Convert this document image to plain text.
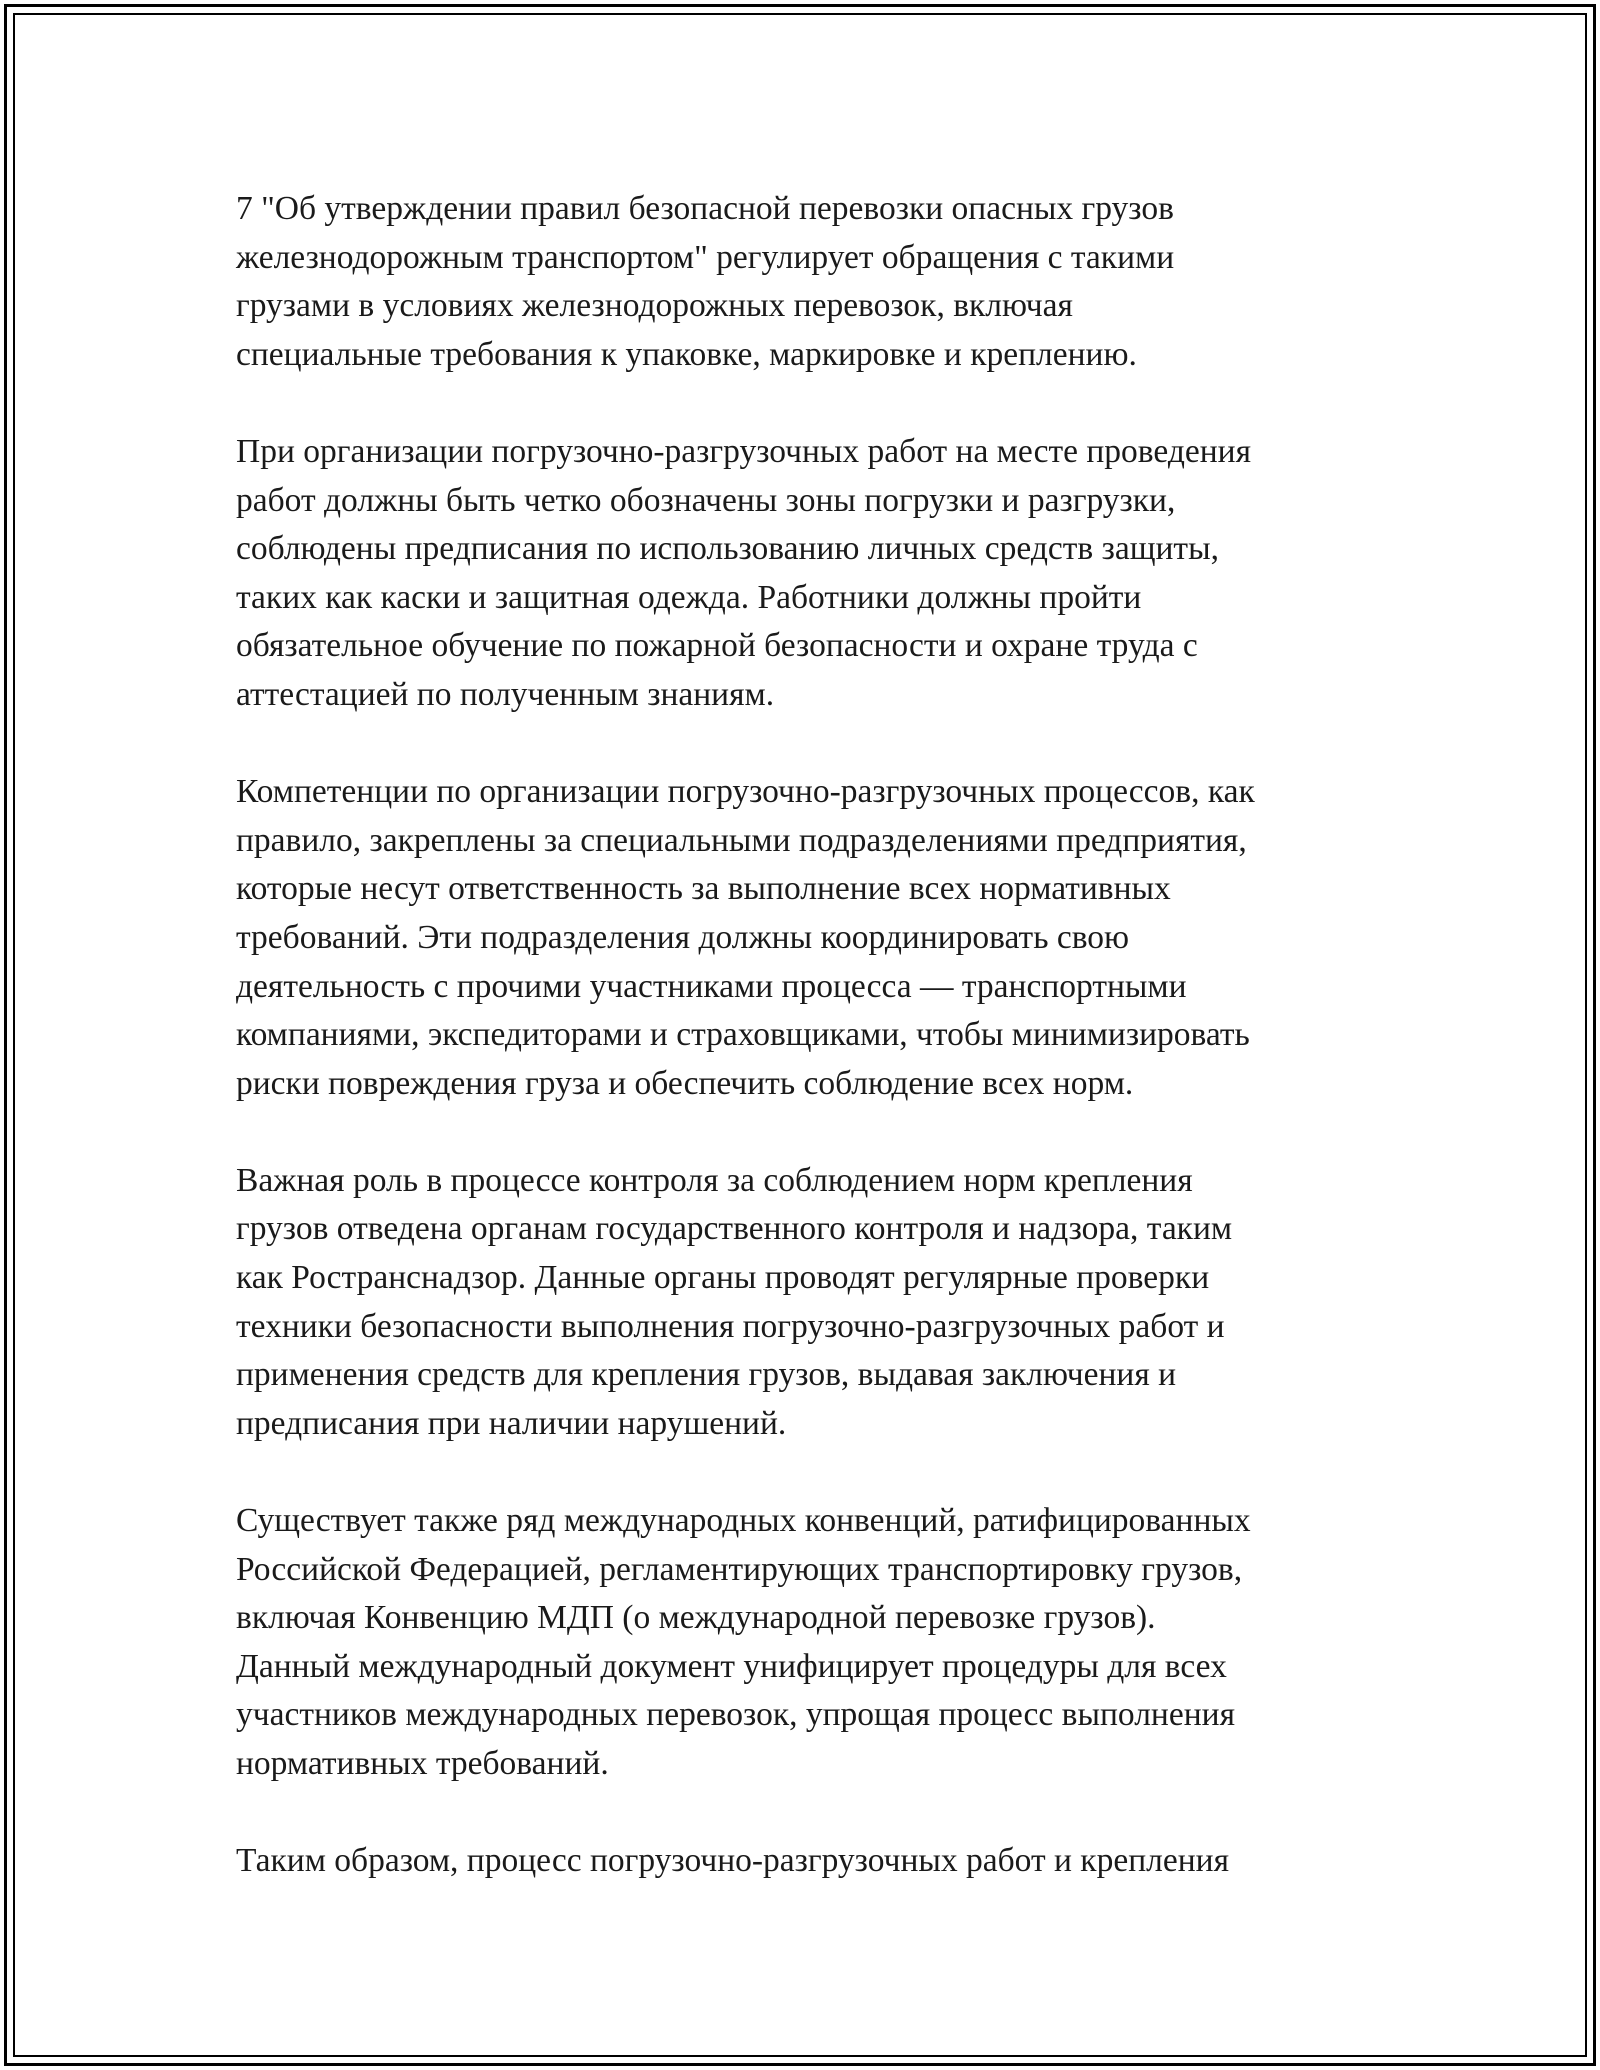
7 "Об утверждении правил безопасной перевозки опасных грузов
железнодорожным транспортом" регулирует обращения с такими
грузами в условиях железнодорожных перевозок, включая
специальные требования к упаковке, маркировке и креплению.

При организации погрузочно-разгрузочных работ на месте проведения
работ должны быть четко обозначены зоны погрузки и разгрузки,
соблюдены предписания по использованию личных средств защиты,
таких как каски и защитная одежда. Работники должны пройти
обязательное обучение по пожарной безопасности и охране труда с
аттестацией по полученным знаниям.

Компетенции по организации погрузочно-разгрузочных процессов, как
правило, закреплены за специальными подразделениями предприятия,
которые несут ответственность за выполнение всех нормативных
требований. Эти подразделения должны координировать свою
деятельность с прочими участниками процесса — транспортными
компаниями, экспедиторами и страховщиками, чтобы минимизировать
риски повреждения груза и обеспечить соблюдение всех норм.

Важная роль в процессе контроля за соблюдением норм крепления
грузов отведена органам государственного контроля и надзора, таким
как Ространснадзор. Данные органы проводят регулярные проверки
техники безопасности выполнения погрузочно-разгрузочных работ и
применения средств для крепления грузов, выдавая заключения и
предписания при наличии нарушений.

Существует также ряд международных конвенций, ратифицированных
Российской Федерацией, регламентирующих транспортировку грузов,
включая Конвенцию МДП (о международной перевозке грузов).
Данный международный документ унифицирует процедуры для всех
участников международных перевозок, упрощая процесс выполнения
нормативных требований.

Таким образом, процесс погрузочно-разгрузочных работ и крепления
